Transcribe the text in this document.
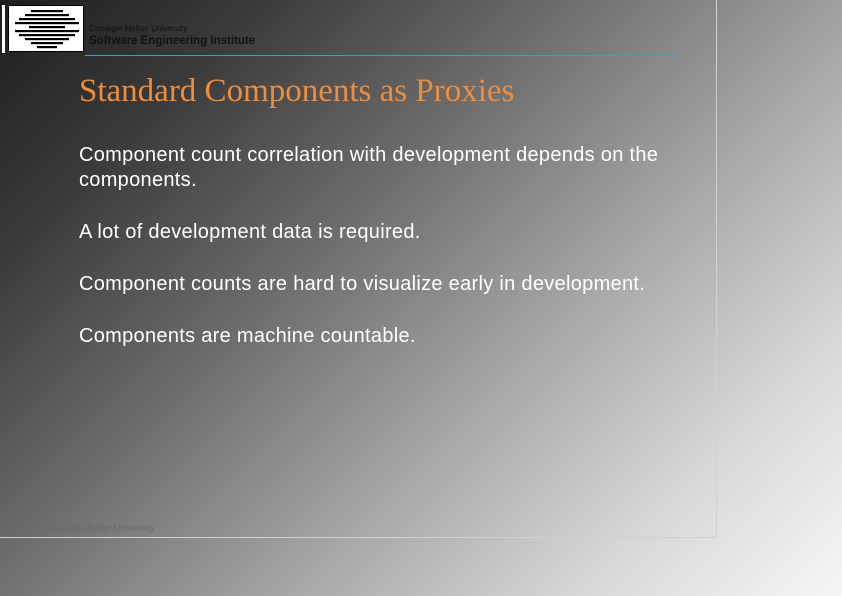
Carnegie Mellon University
Software Engineering Institute
Standard Components as Proxies
Component count correlation with development depends on the components.
A lot of development data is required.
Component counts are hard to visualize early in development.
Components are machine countable.
© 1997 Carnegie Mellon University
